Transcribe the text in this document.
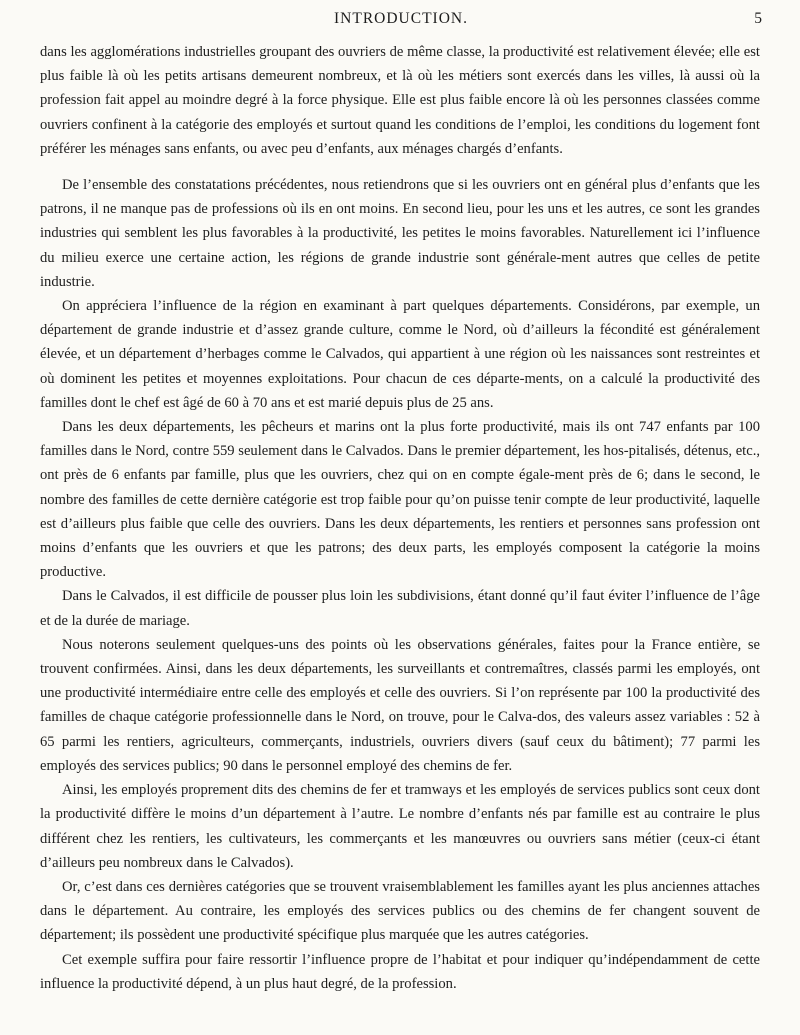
INTRODUCTION.	5

dans les agglomérations industrielles groupant des ouvriers de même classe, la productivité est relativement élevée; elle est plus faible là où les petits artisans demeurent nombreux, et là où les métiers sont exercés dans les villes, là aussi où la profession fait appel au moindre degré à la force physique. Elle est plus faible encore là où les personnes classées comme ouvriers confinent à la catégorie des employés et surtout quand les conditions de l’emploi, les conditions du logement font préférer les ménages sans enfants, ou avec peu d’enfants, aux ménages chargés d’enfants.

De l’ensemble des constatations précédentes, nous retiendrons que si les ouvriers ont en général plus d’enfants que les patrons, il ne manque pas de professions où ils en ont moins. En second lieu, pour les uns et les autres, ce sont les grandes industries qui semblent les plus favorables à la productivité, les petites le moins favorables. Naturellement ici l’influence du milieu exerce une certaine action, les régions de grande industrie sont générale-ment autres que celles de petite industrie.

On appréciera l’influence de la région en examinant à part quelques départements. Considérons, par exemple, un département de grande industrie et d’assez grande culture, comme le Nord, où d’ailleurs la fécondité est généralement élevée, et un département d’herbages comme le Calvados, qui appartient à une région où les naissances sont restreintes et où dominent les petites et moyennes exploitations. Pour chacun de ces départe-ments, on a calculé la productivité des familles dont le chef est âgé de 60 à 70 ans et est marié depuis plus de 25 ans.

Dans les deux départements, les pêcheurs et marins ont la plus forte productivité, mais ils ont 747 enfants par 100 familles dans le Nord, contre 559 seulement dans le Calvados. Dans le premier département, les hos-pitalisés, détenus, etc., ont près de 6 enfants par famille, plus que les ouvriers, chez qui on en compte égale-ment près de 6; dans le second, le nombre des familles de cette dernière catégorie est trop faible pour qu’on puisse tenir compte de leur productivité, laquelle est d’ailleurs plus faible que celle des ouvriers. Dans les deux départements, les rentiers et personnes sans profession ont moins d’enfants que les ouvriers et que les patrons; des deux parts, les employés composent la catégorie la moins productive.

Dans le Calvados, il est difficile de pousser plus loin les subdivisions, étant donné qu’il faut éviter l’influence de l’âge et de la durée de mariage.

Nous noterons seulement quelques-uns des points où les observations générales, faites pour la France entière, se trouvent confirmées. Ainsi, dans les deux départements, les surveillants et contremaîtres, classés parmi les employés, ont une productivité intermédiaire entre celle des employés et celle des ouvriers. Si l’on représente par 100 la productivité des familles de chaque catégorie professionnelle dans le Nord, on trouve, pour le Calva-dos, des valeurs assez variables : 52 à 65 parmi les rentiers, agriculteurs, commerçants, industriels, ouvriers divers (sauf ceux du bâtiment); 77 parmi les employés des services publics; 90 dans le personnel employé des chemins de fer.

Ainsi, les employés proprement dits des chemins de fer et tramways et les employés de services publics sont ceux dont la productivité diffère le moins d’un département à l’autre. Le nombre d’enfants nés par famille est au contraire le plus différent chez les rentiers, les cultivateurs, les commerçants et les manœuvres ou ouvriers sans métier (ceux-ci étant d’ailleurs peu nombreux dans le Calvados).

Or, c’est dans ces dernières catégories que se trouvent vraisemblablement les familles ayant les plus anciennes attaches dans le département. Au contraire, les employés des services publics ou des chemins de fer changent souvent de département; ils possèdent une productivité spécifique plus marquée que les autres catégories.

Cet exemple suffira pour faire ressortir l’influence propre de l’habitat et pour indiquer qu’indépendamment de cette influence la productivité dépend, à un plus haut degré, de la profession.
